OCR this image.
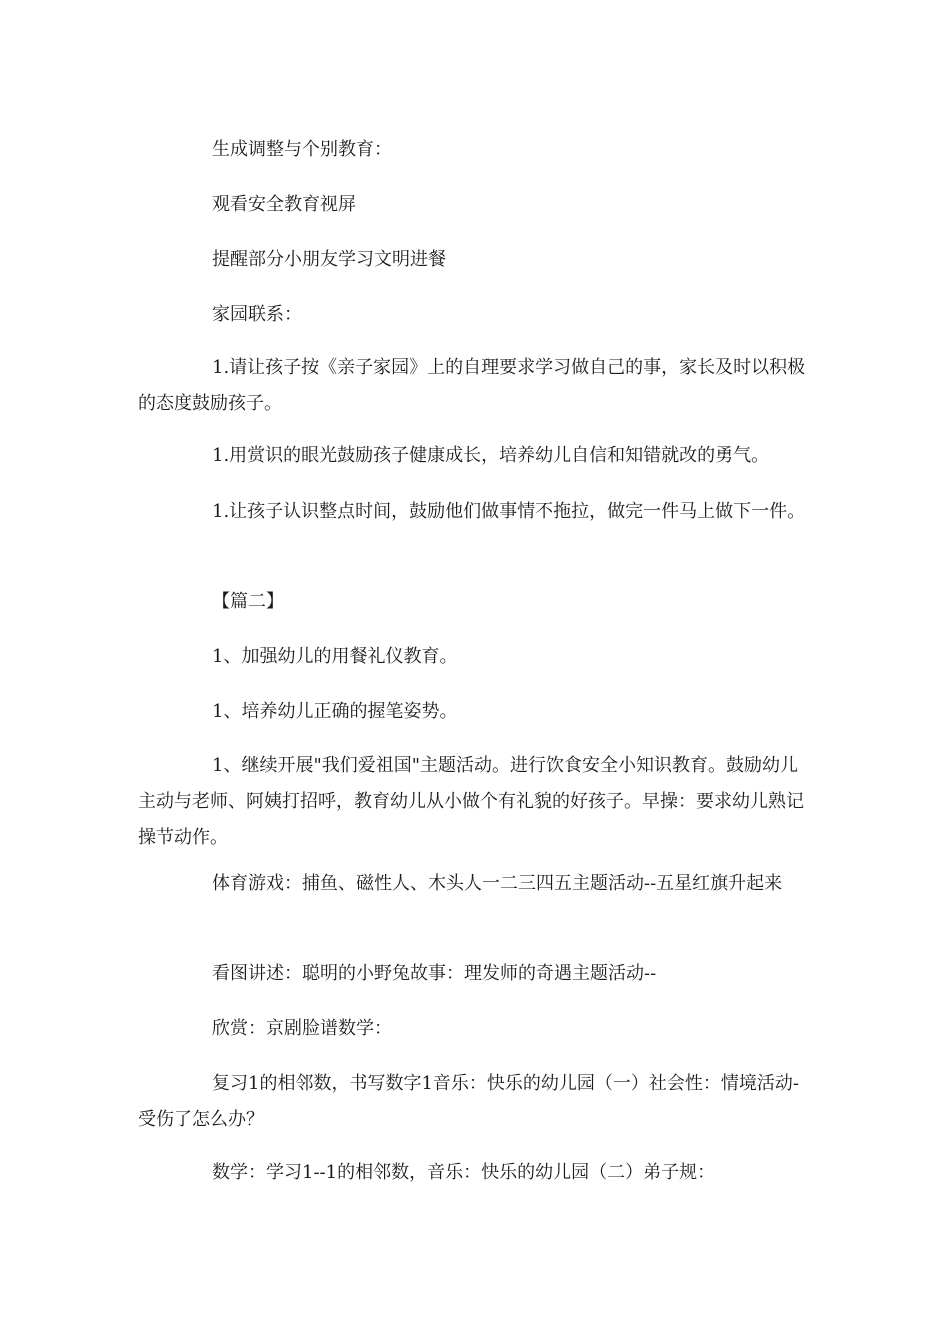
生成调整与个别教育：

观看安全教育视屏

提醒部分小朋友学习文明进餐

家园联系：

1.请让孩子按《亲子家园》上的自理要求学习做自己的事，家长及时以积极的态度鼓励孩子。

1.用赏识的眼光鼓励孩子健康成长，培养幼儿自信和知错就改的勇气。

1.让孩子认识整点时间，鼓励他们做事情不拖拉，做完一件马上做下一件。

【篇二】

1、加强幼儿的用餐礼仪教育。

1、培养幼儿正确的握笔姿势。

1、继续开展"我们爱祖国"主题活动。进行饮食安全小知识教育。鼓励幼儿主动与老师、阿姨打招呼，教育幼儿从小做个有礼貌的好孩子。早操：要求幼儿熟记操节动作。

体育游戏：捕鱼、磁性人、木头人一二三四五主题活动--五星红旗升起来

看图讲述：聪明的小野兔故事：理发师的奇遇主题活动--

欣赏：京剧脸谱数学：

复习1的相邻数，书写数字1音乐：快乐的幼儿园（一）社会性：情境活动-受伤了怎么办？

数学：学习1--1的相邻数，音乐：快乐的幼儿园（二）弟子规：
